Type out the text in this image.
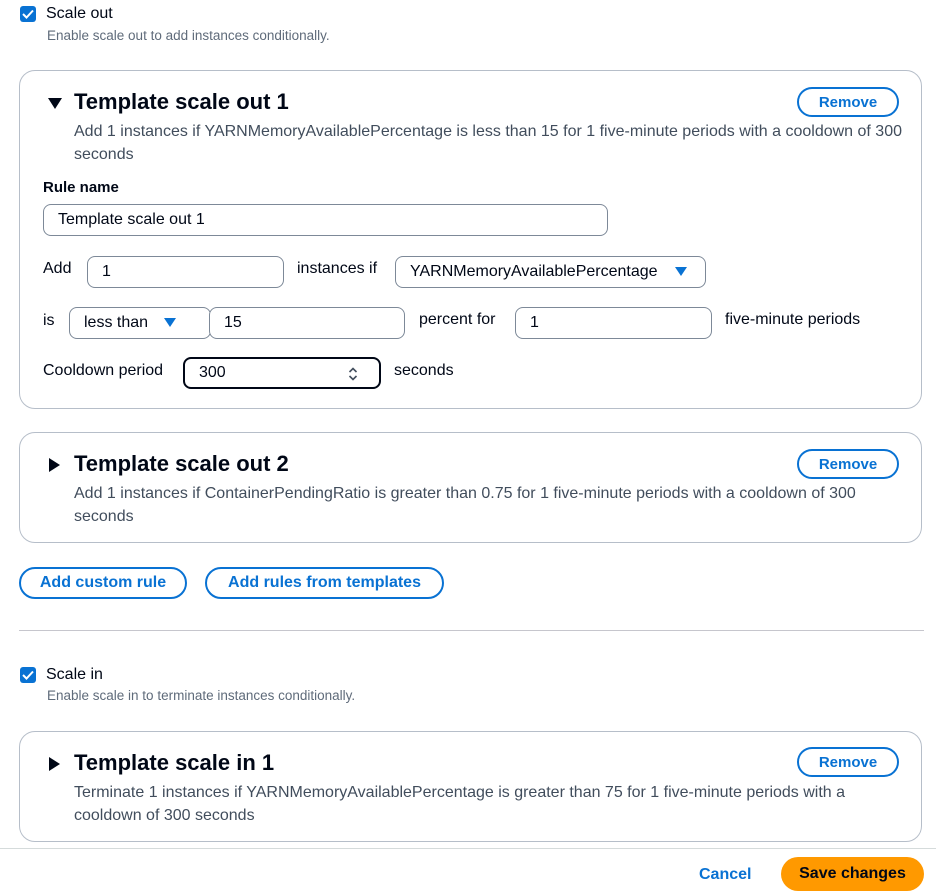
Scale out
Enable scale out to add instances conditionally.
Template scale out 1	Remove
Add 1 instances if YARNMemoryAvailablePercentage is less than 15 for 1 five-minute periods with a cooldown of 300 seconds
Rule name
Template scale out 1
Add	1	instances if YARNMemoryAvailablePercentage
is less than	15	percent for	1	five-minute periods
Cooldown period 300	seconds
Template scale out 2	Remove
Add 1 instances if ContainerPendingRatio is greater than 0.75 for 1 five-minute periods with a cooldown of 300 seconds
Add custom rule	Add rules from templates
Scale in
Enable scale in to terminate instances conditionally.
Template scale in 1	Remove
Terminate 1 instances if YARNMemoryAvailablePercentage is greater than 75 for 1 five-minute periods with a cooldown of 300 seconds
Cancel	Save changes
